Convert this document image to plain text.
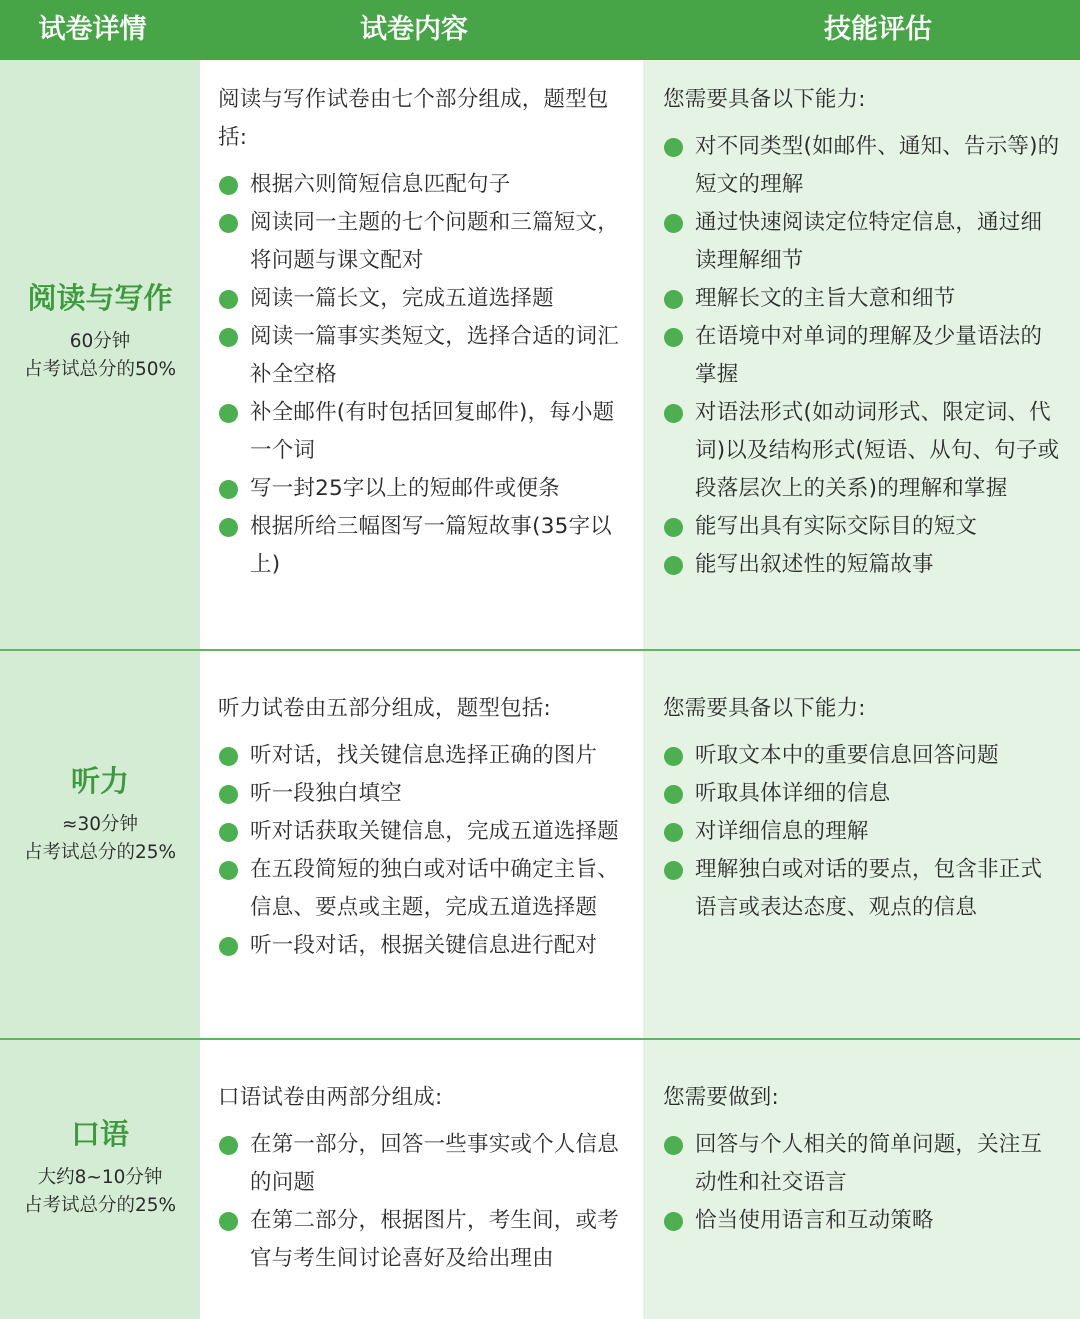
试卷详情	试卷内容	技能评估
阅读与写作
60分钟
占考试总分的50%

阅读与写作试卷由七个部分组成，题型包括:

根据六则简短信息匹配句子
阅读同一主题的七个问题和三篇短文，将问题与课文配对
阅读一篇长文，完成五道选择题
阅读一篇事实类短文，选择合适的词汇补全空格
补全邮件(有时包括回复邮件)，每小题一个词
写一封25字以上的短邮件或便条
根据所给三幅图写一篇短故事(35字以上)

您需要具备以下能力:

对不同类型(如邮件、通知、告示等)的短文的理解
通过快速阅读定位特定信息，通过细读理解细节
理解长文的主旨大意和细节
在语境中对单词的理解及少量语法的掌握
对语法形式(如动词形式、限定词、代词)以及结构形式(短语、从句、句子或段落层次上的关系)的理解和掌握
能写出具有实际交际目的短文
能写出叙述性的短篇故事
听力
≈30分钟
占考试总分的25%

听力试卷由五部分组成，题型包括:

听对话，找关键信息选择正确的图片
听一段独白填空
听对话获取关键信息，完成五道选择题
在五段简短的独白或对话中确定主旨、信息、要点或主题，完成五道选择题
听一段对话，根据关键信息进行配对

您需要具备以下能力:

听取文本中的重要信息回答问题
听取具体详细的信息
对详细信息的理解
理解独白或对话的要点，包含非正式语言或表达态度、观点的信息
口语
大约8~10分钟
占考试总分的25%

口语试卷由两部分组成:

在第一部分，回答一些事实或个人信息的问题
在第二部分，根据图片，考生间，或考官与考生间讨论喜好及给出理由

您需要做到:

回答与个人相关的简单问题，关注互动性和社交语言
恰当使用语言和互动策略
